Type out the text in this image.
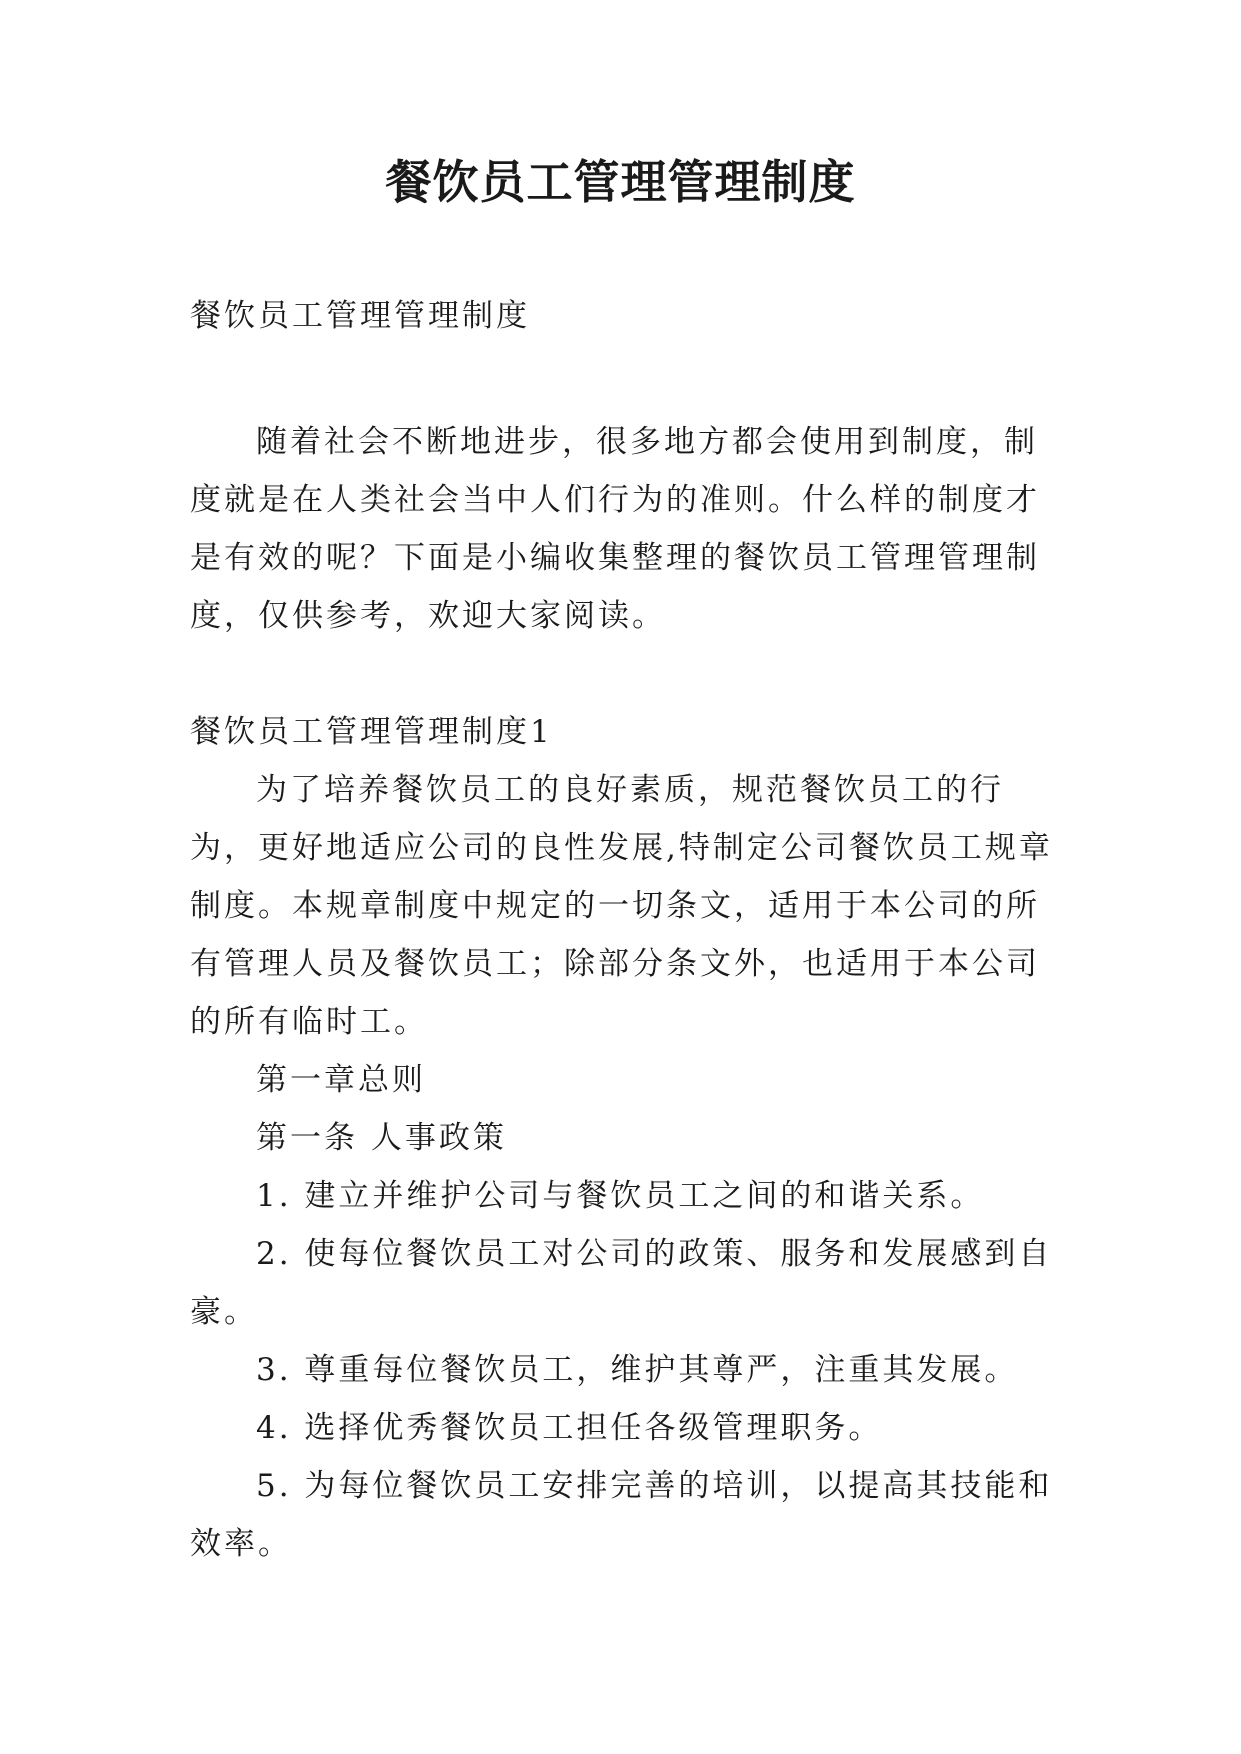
餐饮员工管理管理制度

餐饮员工管理管理制度

随着社会不断地进步，很多地方都会使用到制度，制度就是在人类社会当中人们行为的准则。什么样的制度才是有效的呢？下面是小编收集整理的餐饮员工管理管理制度，仅供参考，欢迎大家阅读。

餐饮员工管理管理制度1

为了培养餐饮员工的良好素质，规范餐饮员工的行为，更好地适应公司的良性发展,特制定公司餐饮员工规章制度。本规章制度中规定的一切条文，适用于本公司的所有管理人员及餐饮员工；除部分条文外，也适用于本公司的所有临时工。

第一章总则

第一条 人事政策

1. 建立并维护公司与餐饮员工之间的和谐关系。

2. 使每位餐饮员工对公司的政策、服务和发展感到自豪。

3. 尊重每位餐饮员工，维护其尊严，注重其发展。

4. 选择优秀餐饮员工担任各级管理职务。

5. 为每位餐饮员工安排完善的培训，以提高其技能和效率。
